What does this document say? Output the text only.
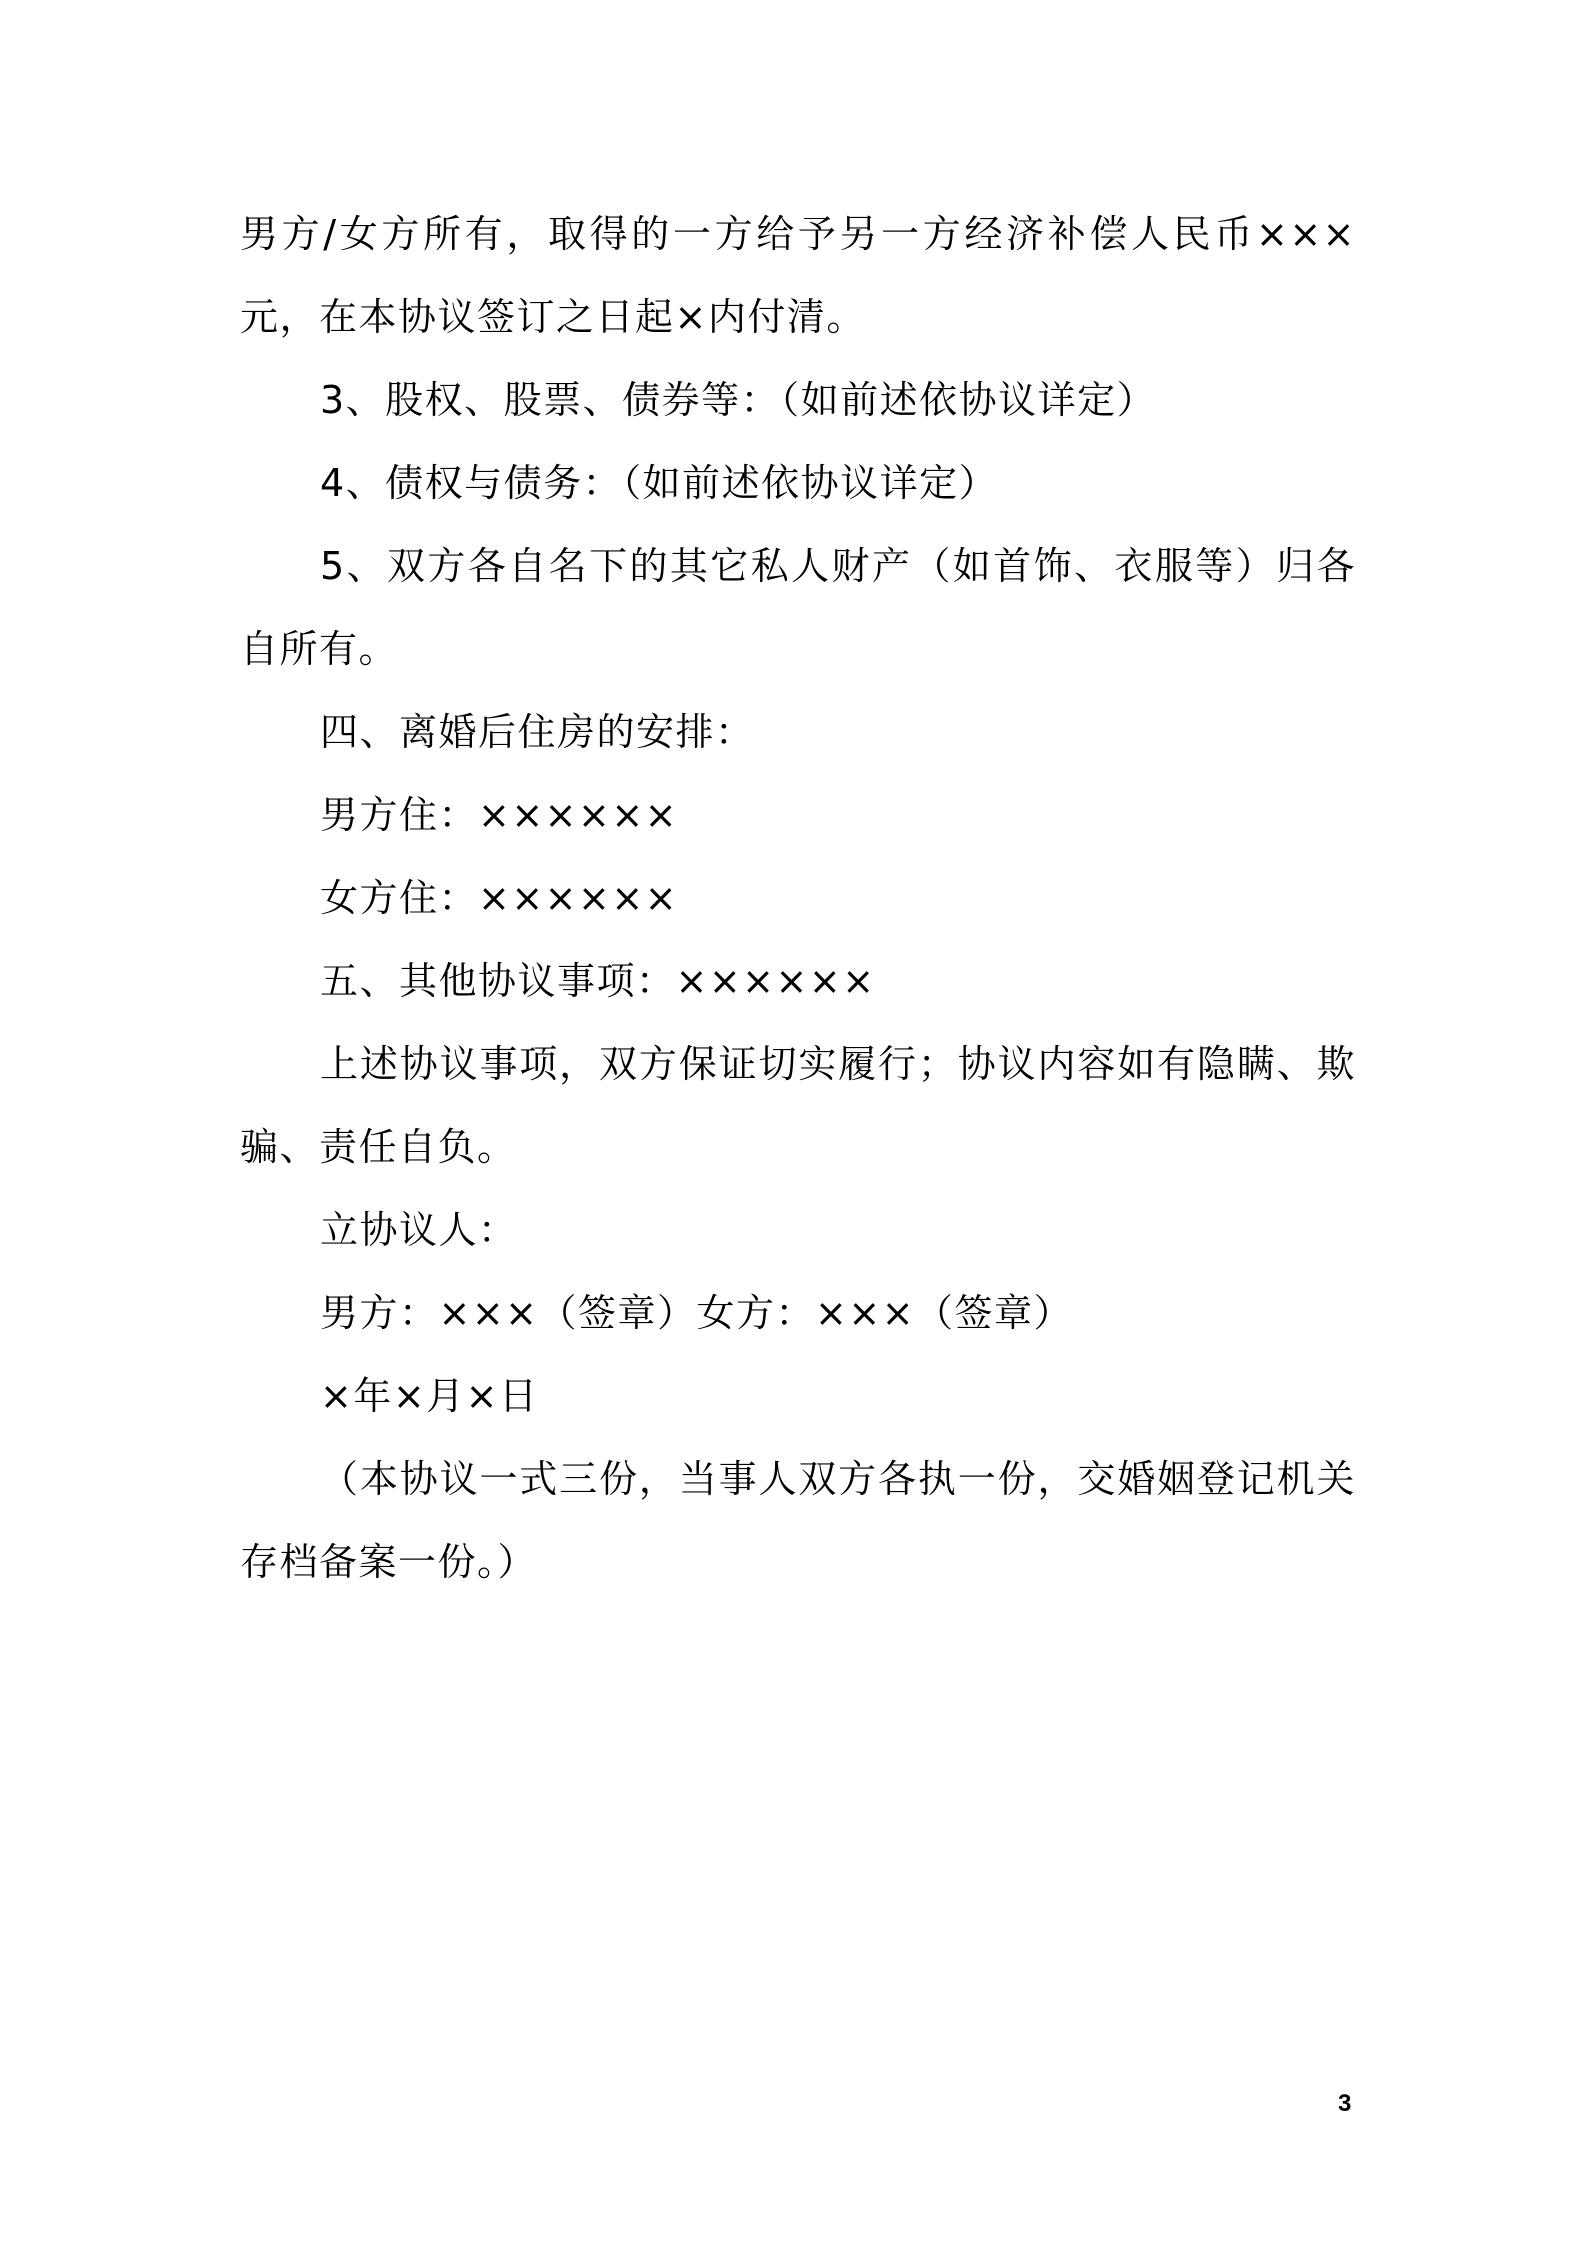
男方/女方所有，取得的一方给予另一方经济补偿人民币×××元，在本协议签订之日起×内付清。

3、股权、股票、债券等：（如前述依协议详定）

4、债权与债务：（如前述依协议详定）

5、双方各自名下的其它私人财产（如首饰、衣服等）归各自所有。

四、离婚后住房的安排：

男方住：××××××

女方住：××××××

五、其他协议事项：××××××

上述协议事项，双方保证切实履行；协议内容如有隐瞒、欺骗、责任自负。

立协议人：

男方：×××（签章）女方：×××（签章）

×年×月×日

（本协议一式三份，当事人双方各执一份，交婚姻登记机关存档备案一份。）

3
